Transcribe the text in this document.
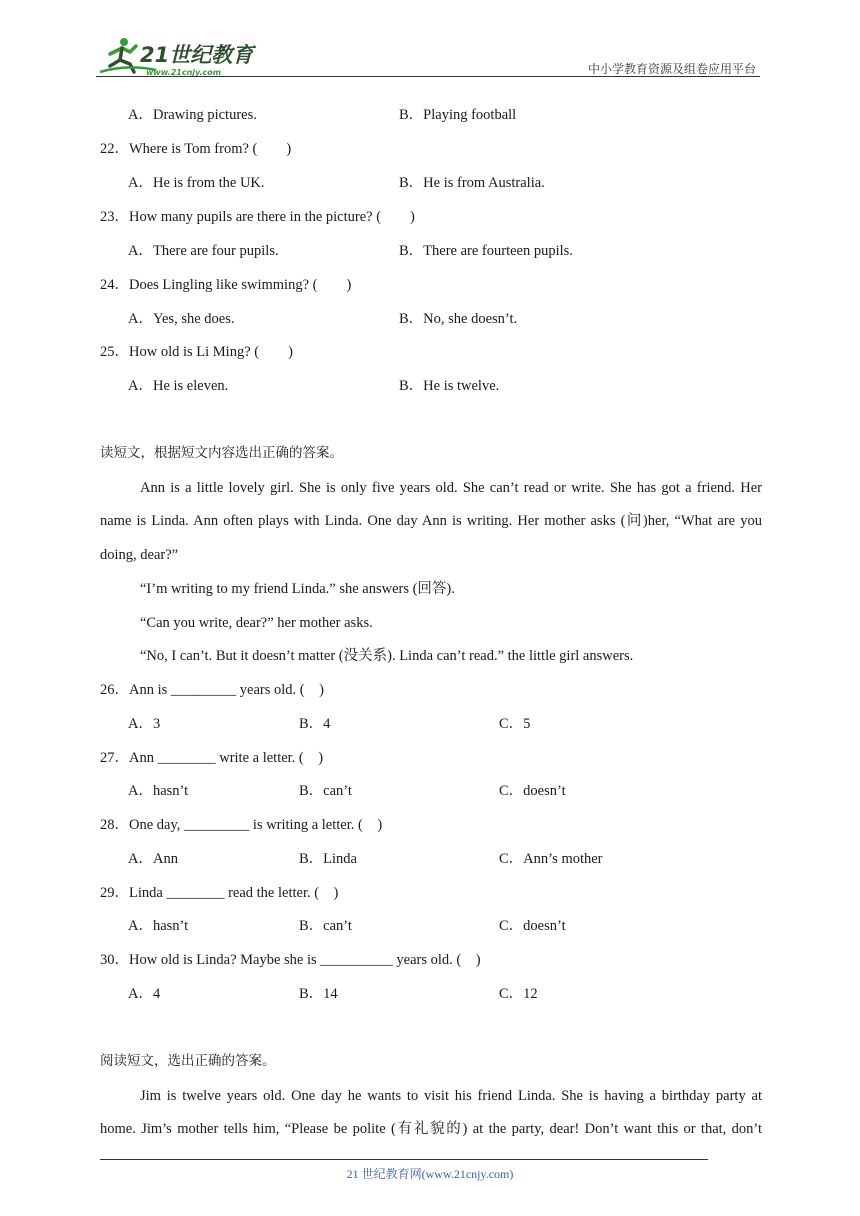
21世纪教育
www.21cnjy.com	中小学教育资源及组卷应用平台
A．Drawing pictures.	B．Playing football
22．Where is Tom from? (　　)
A．He is from the UK.	B．He is from Australia.
23．How many pupils are there in the picture? (　　)
A．There are four pupils.	B．There are fourteen pupils.
24．Does Lingling like swimming? (　　)
A．Yes, she does.	B．No, she doesn’t.
25．How old is Li Ming? (　　)
A．He is eleven.	B．He is twelve.
读短文，根据短文内容选出正确的答案。
Ann is a little lovely girl. She is only five years old. She can’t read or write. She has got a friend. Her
name is Linda. Ann often plays with Linda. One day Ann is writing. Her mother asks (问)her, “What are you
doing, dear?”
“I’m writing to my friend Linda.” she answers (回答).
“Can you write, dear?” her mother asks.
“No, I can’t. But it doesn’t matter (没关系). Linda can’t read.” the little girl answers.
26．Ann is _________ years old. (　)
A．3	B．4	C．5
27．Ann ________ write a letter. (　)
A．hasn’t	B．can’t	C．doesn’t
28．One day, _________ is writing a letter. (　)
A．Ann	B．Linda	C．Ann’s mother
29．Linda ________ read the letter. (　)
A．hasn’t	B．can’t	C．doesn’t
30．How old is Linda? Maybe she is __________ years old. (　)
A．4	B．14	C．12
阅读短文，选出正确的答案。
Jim is twelve years old. One day he wants to visit his friend Linda. She is having a birthday party at
home. Jim’s mother tells him, “Please be polite (有礼貌的) at the party, dear! Don’t want this or that, don’t
21 世纪教育网(www.21cnjy.com)
